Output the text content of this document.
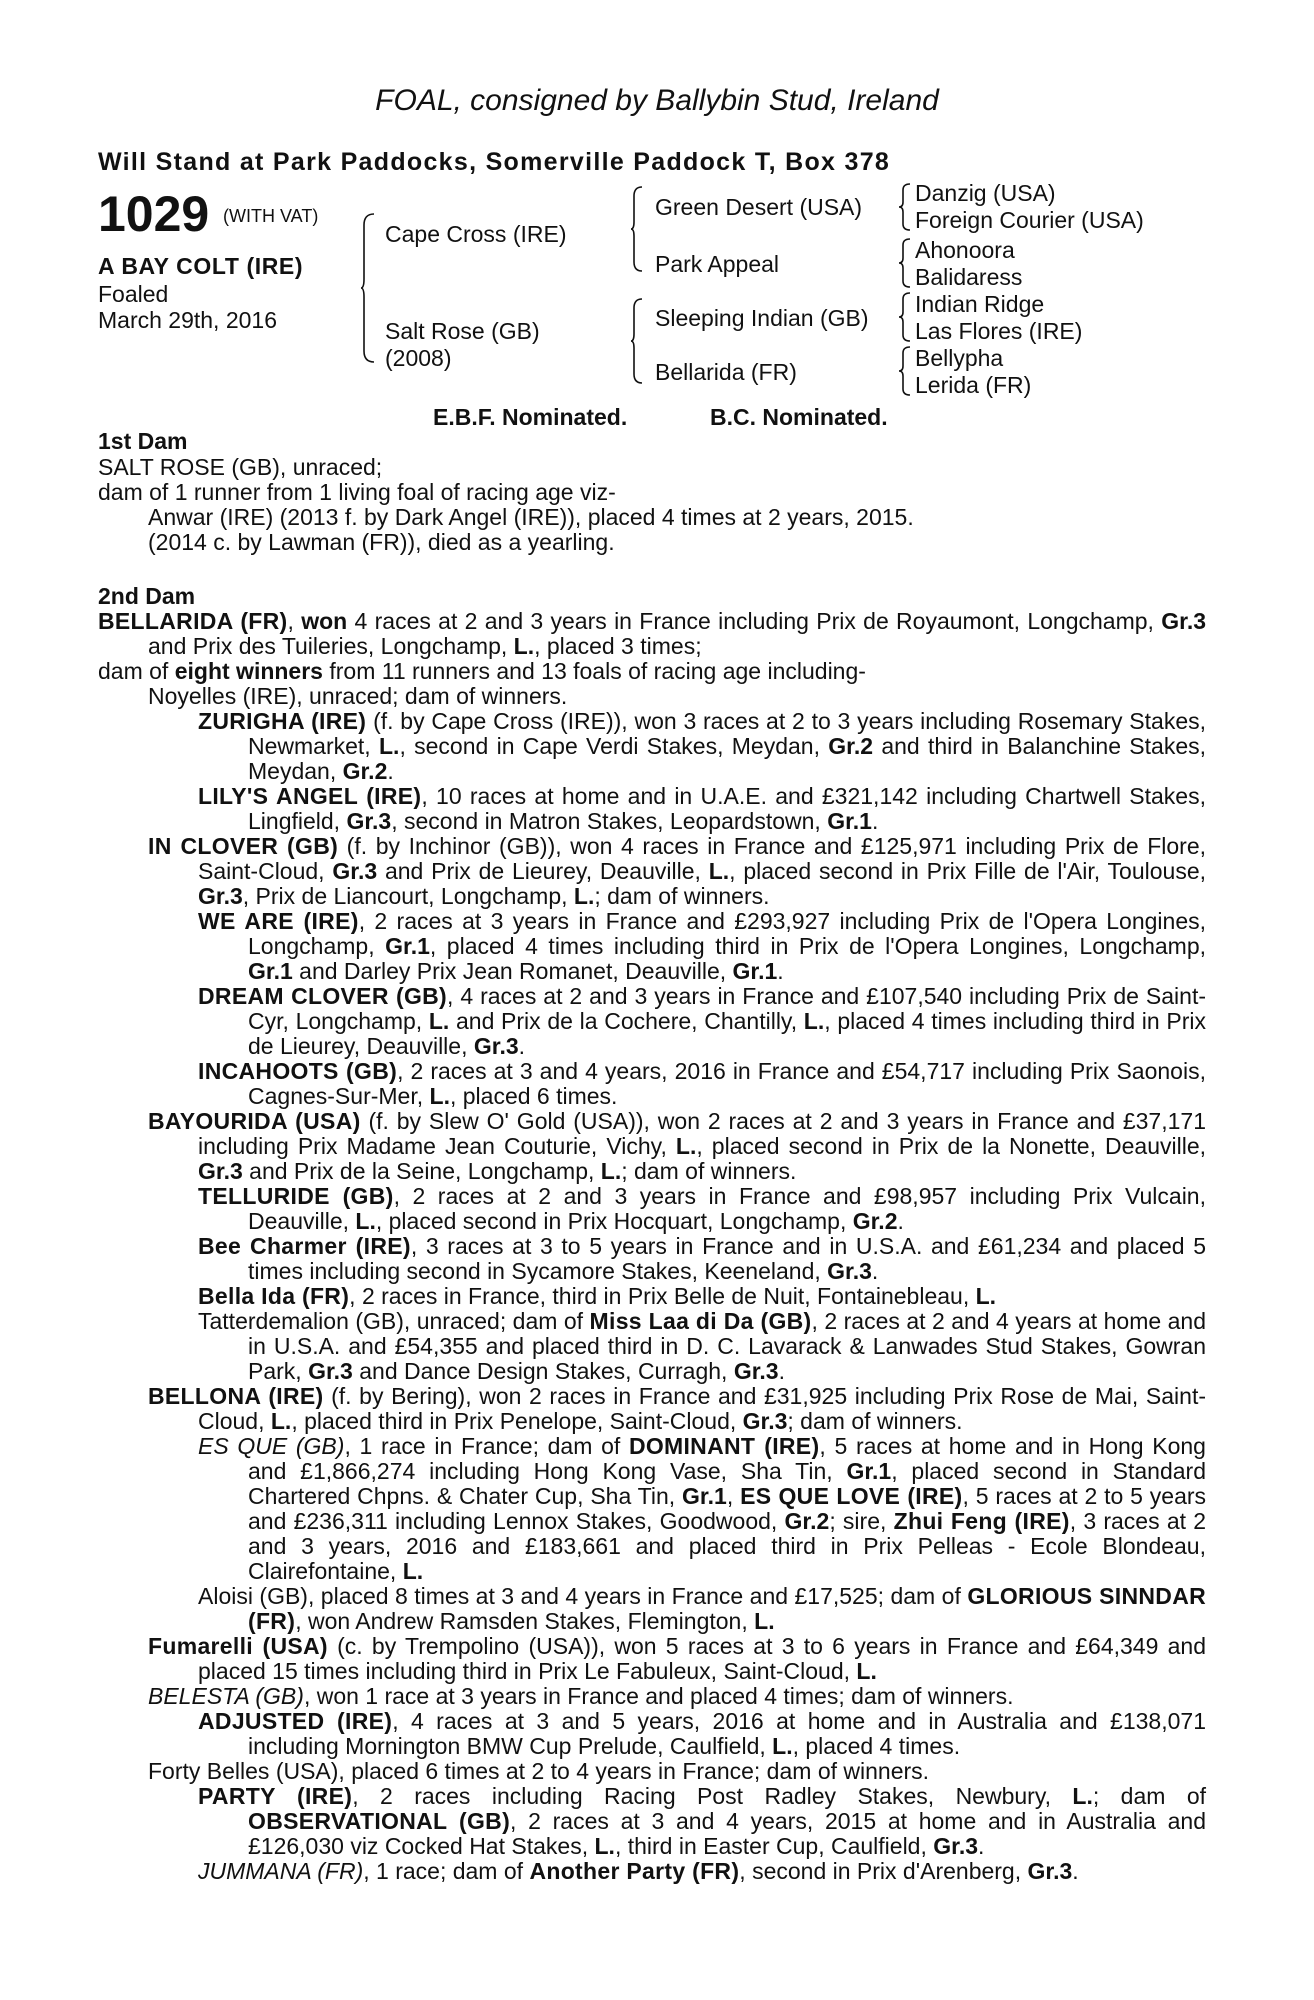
FOAL, consigned by Ballybin Stud, Ireland
Will Stand at Park Paddocks, Somerville Paddock T, Box 378
1029 (WITH VAT)
A BAY COLT (IRE)
Foaled
March 29th, 2016
Cape Cross (IRE)
Salt Rose (GB)
(2008)
Green Desert (USA)
Park Appeal
Sleeping Indian (GB)
Bellarida (FR)
Danzig (USA)
Foreign Courier (USA)
Ahonoora
Balidaress
Indian Ridge
Las Flores (IRE)
Bellypha
Lerida (FR)
E.B.F. Nominated.	B.C. Nominated.
1st Dam

SALT ROSE (GB), unraced;

dam of 1 runner from 1 living foal of racing age viz-

Anwar (IRE) (2013 f. by Dark Angel (IRE)), placed 4 times at 2 years, 2015.

(2014 c. by Lawman (FR)), died as a yearling.

2nd Dam

BELLARIDA (FR), won 4 races at 2 and 3 years in France including Prix de Royaumont, Longchamp, Gr.3 and Prix des Tuileries, Longchamp, L., placed 3 times;

dam of eight winners from 11 runners and 13 foals of racing age including-

Noyelles (IRE), unraced; dam of winners.

ZURIGHA (IRE) (f. by Cape Cross (IRE)), won 3 races at 2 to 3 years including Rosemary Stakes, Newmarket, L., second in Cape Verdi Stakes, Meydan, Gr.2 and third in Balanchine Stakes, Meydan, Gr.2.

LILY'S ANGEL (IRE), 10 races at home and in U.A.E. and £321,142 including Chartwell Stakes, Lingfield, Gr.3, second in Matron Stakes, Leopardstown, Gr.1.

IN CLOVER (GB) (f. by Inchinor (GB)), won 4 races in France and £125,971 including Prix de Flore, Saint-Cloud, Gr.3 and Prix de Lieurey, Deauville, L., placed second in Prix Fille de l'Air, Toulouse, Gr.3, Prix de Liancourt, Longchamp, L.; dam of winners.

WE ARE (IRE), 2 races at 3 years in France and £293,927 including Prix de l'Opera Longines, Longchamp, Gr.1, placed 4 times including third in Prix de l'Opera Longines, Longchamp, Gr.1 and Darley Prix Jean Romanet, Deauville, Gr.1.

DREAM CLOVER (GB), 4 races at 2 and 3 years in France and £107,540 including Prix de Saint-Cyr, Longchamp, L. and Prix de la Cochere, Chantilly, L., placed 4 times including third in Prix de Lieurey, Deauville, Gr.3.

INCAHOOTS (GB), 2 races at 3 and 4 years, 2016 in France and £54,717 including Prix Saonois, Cagnes-Sur-Mer, L., placed 6 times.

BAYOURIDA (USA) (f. by Slew O' Gold (USA)), won 2 races at 2 and 3 years in France and £37,171 including Prix Madame Jean Couturie, Vichy, L., placed second in Prix de la Nonette, Deauville, Gr.3 and Prix de la Seine, Longchamp, L.; dam of winners.

TELLURIDE (GB), 2 races at 2 and 3 years in France and £98,957 including Prix Vulcain, Deauville, L., placed second in Prix Hocquart, Longchamp, Gr.2.

Bee Charmer (IRE), 3 races at 3 to 5 years in France and in U.S.A. and £61,234 and placed 5 times including second in Sycamore Stakes, Keeneland, Gr.3.

Bella Ida (FR), 2 races in France, third in Prix Belle de Nuit, Fontainebleau, L.

Tatterdemalion (GB), unraced; dam of Miss Laa di Da (GB), 2 races at 2 and 4 years at home and in U.S.A. and £54,355 and placed third in D. C. Lavarack & Lanwades Stud Stakes, Gowran Park, Gr.3 and Dance Design Stakes, Curragh, Gr.3.

BELLONA (IRE) (f. by Bering), won 2 races in France and £31,925 including Prix Rose de Mai, Saint-Cloud, L., placed third in Prix Penelope, Saint-Cloud, Gr.3; dam of winners.

ES QUE (GB), 1 race in France; dam of DOMINANT (IRE), 5 races at home and in Hong Kong and £1,866,274 including Hong Kong Vase, Sha Tin, Gr.1, placed second in Standard Chartered Chpns. & Chater Cup, Sha Tin, Gr.1, ES QUE LOVE (IRE), 5 races at 2 to 5 years and £236,311 including Lennox Stakes, Goodwood, Gr.2; sire, Zhui Feng (IRE), 3 races at 2 and 3 years, 2016 and £183,661 and placed third in Prix Pelleas - Ecole Blondeau, Clairefontaine, L.

Aloisi (GB), placed 8 times at 3 and 4 years in France and £17,525; dam of GLORIOUS SINNDAR (FR), won Andrew Ramsden Stakes, Flemington, L.

Fumarelli (USA) (c. by Trempolino (USA)), won 5 races at 3 to 6 years in France and £64,349 and placed 15 times including third in Prix Le Fabuleux, Saint-Cloud, L.

BELESTA (GB), won 1 race at 3 years in France and placed 4 times; dam of winners.

ADJUSTED (IRE), 4 races at 3 and 5 years, 2016 at home and in Australia and £138,071 including Mornington BMW Cup Prelude, Caulfield, L., placed 4 times.

Forty Belles (USA), placed 6 times at 2 to 4 years in France; dam of winners.

PARTY (IRE), 2 races including Racing Post Radley Stakes, Newbury, L.; dam of OBSERVATIONAL (GB), 2 races at 3 and 4 years, 2015 at home and in Australia and £126,030 viz Cocked Hat Stakes, L., third in Easter Cup, Caulfield, Gr.3.

JUMMANA (FR), 1 race; dam of Another Party (FR), second in Prix d'Arenberg, Gr.3.
